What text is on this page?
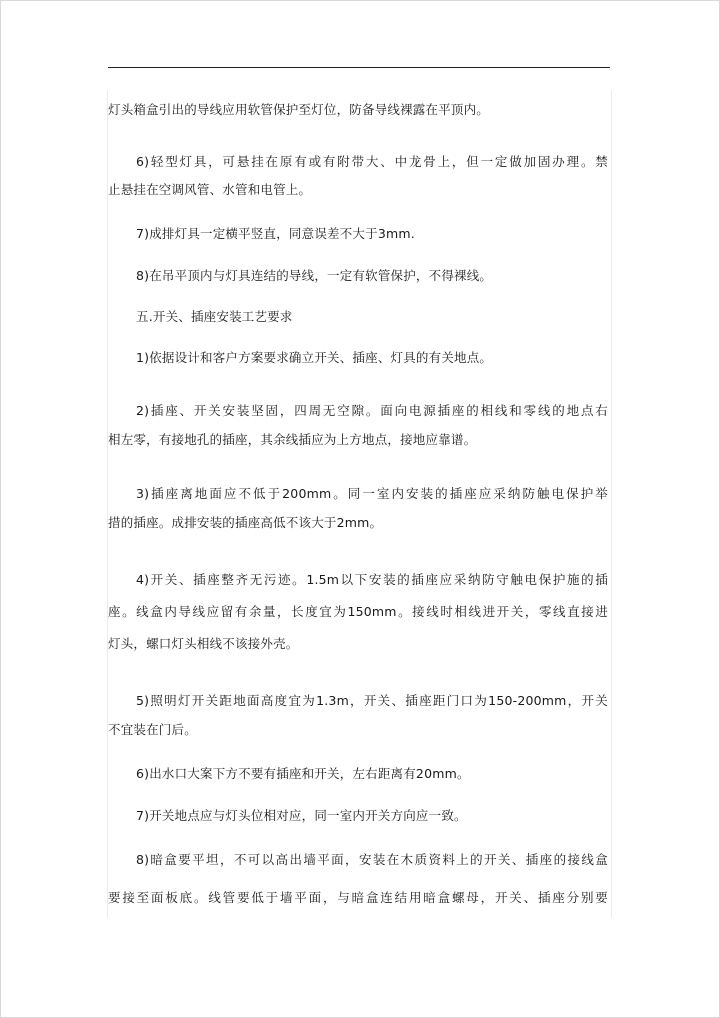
灯头箱盒引出的导线应用软管保护至灯位，防备导线裸露在平顶内。
6)轻型灯具，可悬挂在原有或有附带大、中龙骨上，但一定做加固办理。禁
止悬挂在空调风管、水管和电管上。
7)成排灯具一定横平竖直，同意误差不大于3mm.
8)在吊平顶内与灯具连结的导线，一定有软管保护，不得裸线。
五.开关、插座安装工艺要求
1)依据设计和客户方案要求确立开关、插座、灯具的有关地点。
2)插座、开关安装坚固，四周无空隙。面向电源插座的相线和零线的地点右
相左零，有接地孔的插座，其余线插应为上方地点，接地应靠谱。
3)插座离地面应不低于200mm。同一室内安装的插座应采纳防触电保护举
措的插座。成排安装的插座高低不该大于2mm。
4)开关、插座整齐无污迹。1.5m以下安装的插座应采纳防守触电保护施的插
座。线盒内导线应留有余量，长度宜为150mm。接线时相线进开关，零线直接进
灯头，螺口灯头相线不该接外壳。
5)照明灯开关距地面高度宜为1.3m，开关、插座距门口为150-200mm，开关
不宜装在门后。
6)出水口大案下方不要有插座和开关，左右距离有20mm。
7)开关地点应与灯头位相对应，同一室内开关方向应一致。
8)暗盒要平坦，不可以高出墙平面，安装在木质资料上的开关、插座的接线盒
要接至面板底。线管要低于墙平面，与暗盒连结用暗盒螺母，开关、插座分别要
